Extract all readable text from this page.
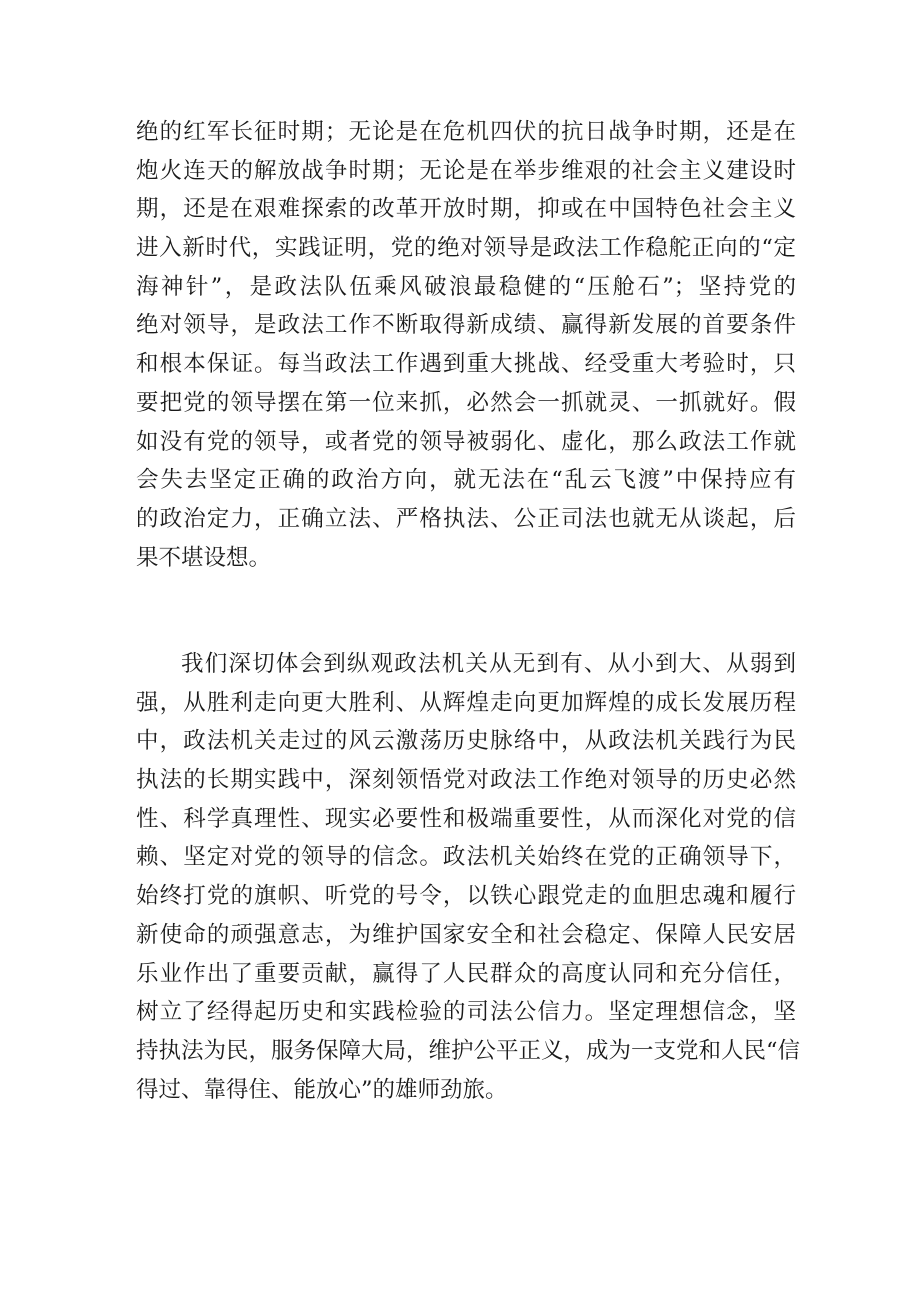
绝的红军长征时期；无论是在危机四伏的抗日战争时期，还是在
炮火连天的解放战争时期；无论是在举步维艰的社会主义建设时
期，还是在艰难探索的改革开放时期，抑或在中国特色社会主义
进入新时代，实践证明，党的绝对领导是政法工作稳舵正向的“定
海神针”，是政法队伍乘风破浪最稳健的“压舱石”；坚持党的
绝对领导，是政法工作不断取得新成绩、赢得新发展的首要条件
和根本保证。每当政法工作遇到重大挑战、经受重大考验时，只
要把党的领导摆在第一位来抓，必然会一抓就灵、一抓就好。假
如没有党的领导，或者党的领导被弱化、虚化，那么政法工作就
会失去坚定正确的政治方向，就无法在“乱云飞渡”中保持应有
的政治定力，正确立法、严格执法、公正司法也就无从谈起，后
果不堪设想。
我们深切体会到纵观政法机关从无到有、从小到大、从弱到
强，从胜利走向更大胜利、从辉煌走向更加辉煌的成长发展历程
中，政法机关走过的风云激荡历史脉络中，从政法机关践行为民
执法的长期实践中，深刻领悟党对政法工作绝对领导的历史必然
性、科学真理性、现实必要性和极端重要性，从而深化对党的信
赖、坚定对党的领导的信念。政法机关始终在党的正确领导下，
始终打党的旗帜、听党的号令，以铁心跟党走的血胆忠魂和履行
新使命的顽强意志，为维护国家安全和社会稳定、保障人民安居
乐业作出了重要贡献，赢得了人民群众的高度认同和充分信任，
树立了经得起历史和实践检验的司法公信力。坚定理想信念，坚
持执法为民，服务保障大局，维护公平正义，成为一支党和人民“信
得过、靠得住、能放心”的雄师劲旅。
